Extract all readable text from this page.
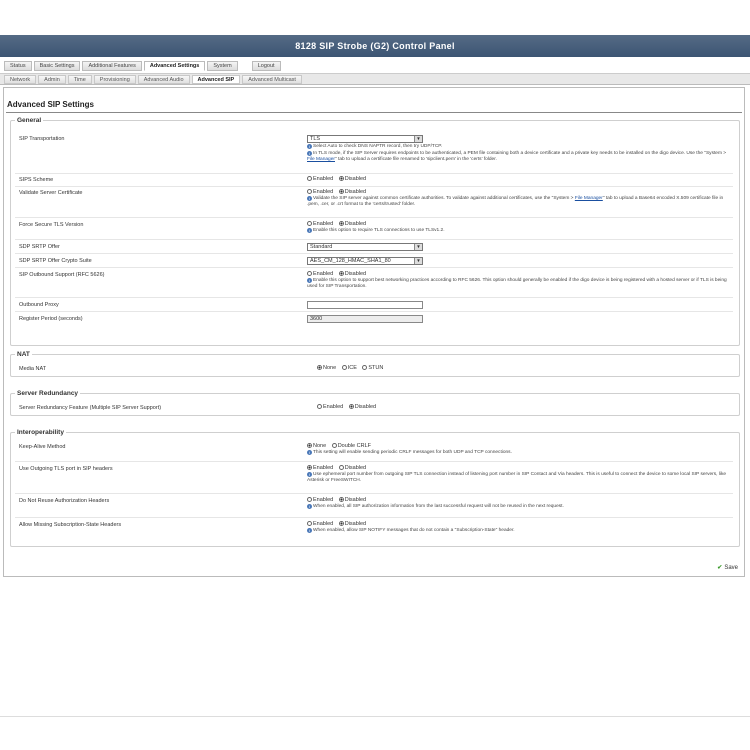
8128 SIP Strobe (G2) Control Panel
Status	Basic Settings	Additional Features	Advanced Settings	System	Logout
Network	Admin	Time	Provisioning	Advanced Audio	Advanced SIP	Advanced Multicast
Advanced SIP Settings
General
SIP Transportation	TLS	▼
i Select Auto to check DNS NAPTR record, then try UDP/TCP.
i In TLS mode, if the SIP Server requires endpoints to be authenticated, a PEM file containing both a device certificate and a private key needs to be installed on the digo device. Use the "System > File Manager" tab to upload a certificate file renamed to 'sipclient.pem' in the 'certs' folder.
SIPS Scheme	Enabled Disabled
Validate Server Certificate	Enabled Disabled
i Validate the SIP server against common certificate authorities. To validate against additional certificates, use the "System > File Manager" tab to upload a Base64 encoded X.509 certificate file in .pem, .cer, or .crt format to the 'certs/trusted' folder.
Force Secure TLS Version	Enabled Disabled
i Enable this option to require TLS connections to use TLSv1.2.
SDP SRTP Offer	Standard	▼
SDP SRTP Offer Crypto Suite	AES_CM_128_HMAC_SHA1_80	▼
SIP Outbound Support (RFC 5626)	Enabled Disabled
i Enable this option to support best networking practices according to RFC 5626. This option should generally be enabled if the digo device is being registered with a hosted server or if TLS is being used for SIP Transportation.
Outbound Proxy
Register Period (seconds)	3600
NAT
Media NAT	None ICE STUN
Server Redundancy
Server Redundancy Feature (Multiple SIP Server Support)	Enabled Disabled
Interoperability
Keep-Alive Method	None Double CRLF
i This setting will enable sending periodic CRLF messages for both UDP and TCP connections.
Use Outgoing TLS port in SIP headers	Enabled Disabled
i Use ephemeral port number from outgoing SIP TLS connection instead of listening port number in SIP Contact and Via headers. This is useful to connect the device to some local SIP servers, like Asterisk or FreeSWITCH.
Do Not Reuse Authorization Headers	Enabled Disabled
i When enabled, all SIP authorization information from the last successful request will not be reused in the next request.
Allow Missing Subscription-State Headers	Enabled Disabled
i When enabled, allow SIP NOTIFY messages that do not contain a "Subscription-State" header.
✔ Save
